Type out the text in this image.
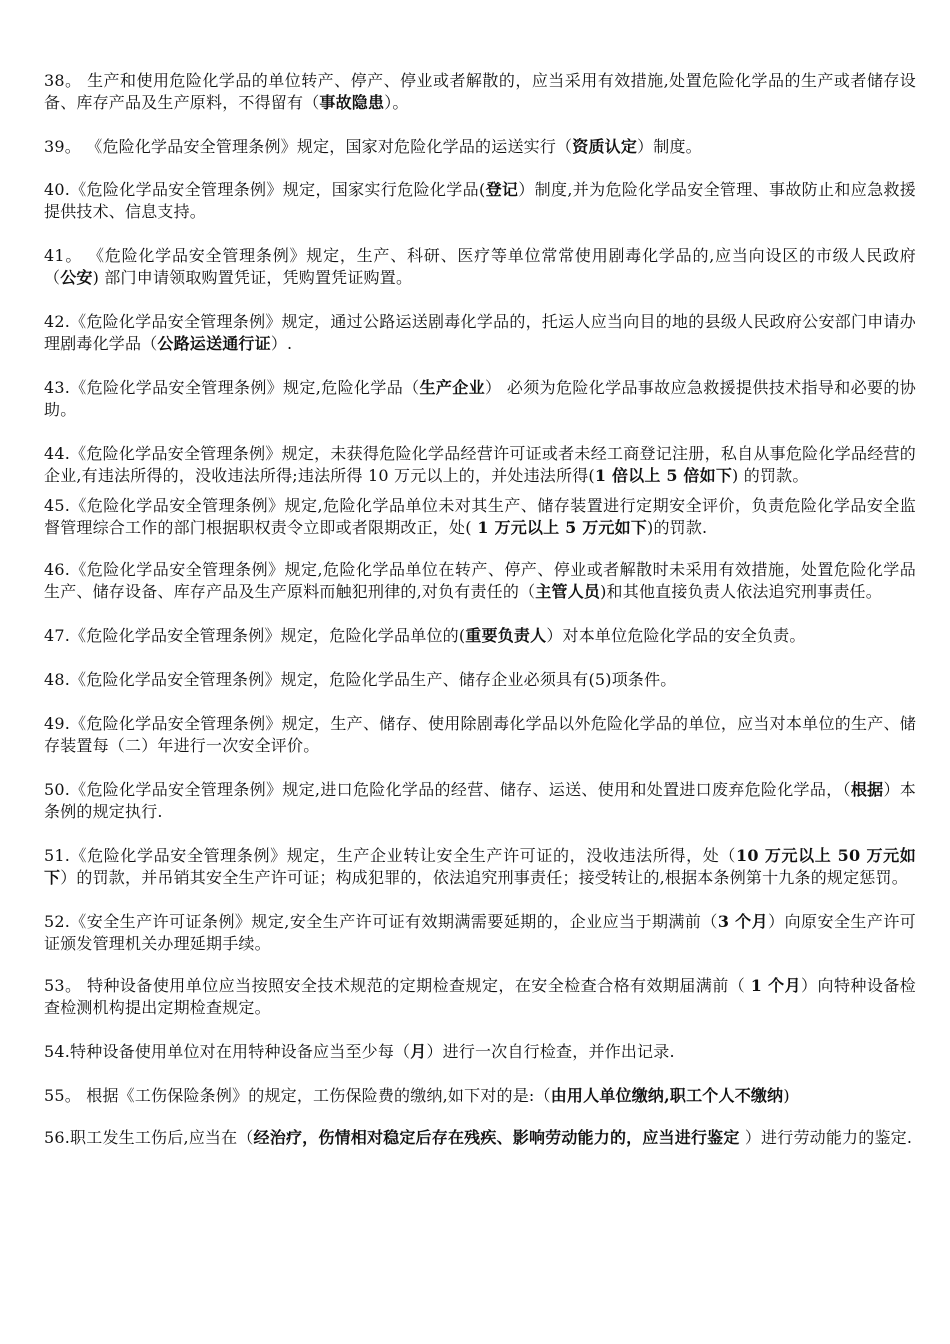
38。 生产和使用危险化学品的单位转产、停产、停业或者解散的，应当采用有效措施,处置危险化学品的生产或者储存设备、库存产品及生产原料，不得留有（事故隐患）。

39。 《危险化学品安全管理条例》规定，国家对危险化学品的运送实行（资质认定）制度。

40.《危险化学品安全管理条例》规定，国家实行危险化学品(登记）制度,并为危险化学品安全管理、事故防止和应急救援提供技术、信息支持。

41。 《危险化学品安全管理条例》规定，生产、科研、医疗等单位常常使用剧毒化学品的,应当向设区的市级人民政府（公安) 部门申请领取购置凭证，凭购置凭证购置。

42.《危险化学品安全管理条例》规定，通过公路运送剧毒化学品的，托运人应当向目的地的县级人民政府公安部门申请办理剧毒化学品（公路运送通行证）.

43.《危险化学品安全管理条例》规定,危险化学品（生产企业） 必须为危险化学品事故应急救援提供技术指导和必要的协助。

44.《危险化学品安全管理条例》规定，未获得危险化学品经营许可证或者未经工商登记注册，私自从事危险化学品经营的企业,有违法所得的，没收违法所得;违法所得 10 万元以上的，并处违法所得(1 倍以上 5 倍如下) 的罚款。

45.《危险化学品安全管理条例》规定,危险化学品单位未对其生产、储存装置进行定期安全评价，负责危险化学品安全监督管理综合工作的部门根据职权责令立即或者限期改正，处( 1 万元以上 5 万元如下)的罚款.

46.《危险化学品安全管理条例》规定,危险化学品单位在转产、停产、停业或者解散时未采用有效措施，处置危险化学品生产、储存设备、库存产品及生产原料而触犯刑律的,对负有责任的（主管人员)和其他直接负责人依法追究刑事责任。

47.《危险化学品安全管理条例》规定，危险化学品单位的(重要负责人）对本单位危险化学品的安全负责。

48.《危险化学品安全管理条例》规定，危险化学品生产、储存企业必须具有(5)项条件。

49.《危险化学品安全管理条例》规定，生产、储存、使用除剧毒化学品以外危险化学品的单位，应当对本单位的生产、储存装置每（二）年进行一次安全评价。

50.《危险化学品安全管理条例》规定,进口危险化学品的经营、储存、运送、使用和处置进口废弃危险化学品，（根据）本条例的规定执行.

51.《危险化学品安全管理条例》规定，生产企业转让安全生产许可证的，没收违法所得，处（10 万元以上 50 万元如下）的罚款，并吊销其安全生产许可证；构成犯罪的，依法追究刑事责任；接受转让的,根据本条例第十九条的规定惩罚。

52.《安全生产许可证条例》规定,安全生产许可证有效期满需要延期的，企业应当于期满前（3 个月）向原安全生产许可证颁发管理机关办理延期手续。

53。 特种设备使用单位应当按照安全技术规范的定期检查规定，在安全检查合格有效期届满前（ 1 个月）向特种设备检查检测机构提出定期检查规定。

54.特种设备使用单位对在用特种设备应当至少每（月）进行一次自行检查，并作出记录.

55。 根据《工伤保险条例》的规定，工伤保险费的缴纳,如下对的是:（由用人单位缴纳,职工个人不缴纳)

56.职工发生工伤后,应当在（经治疗，伤情相对稳定后存在残疾、影响劳动能力的，应当进行鉴定 ）进行劳动能力的鉴定.
